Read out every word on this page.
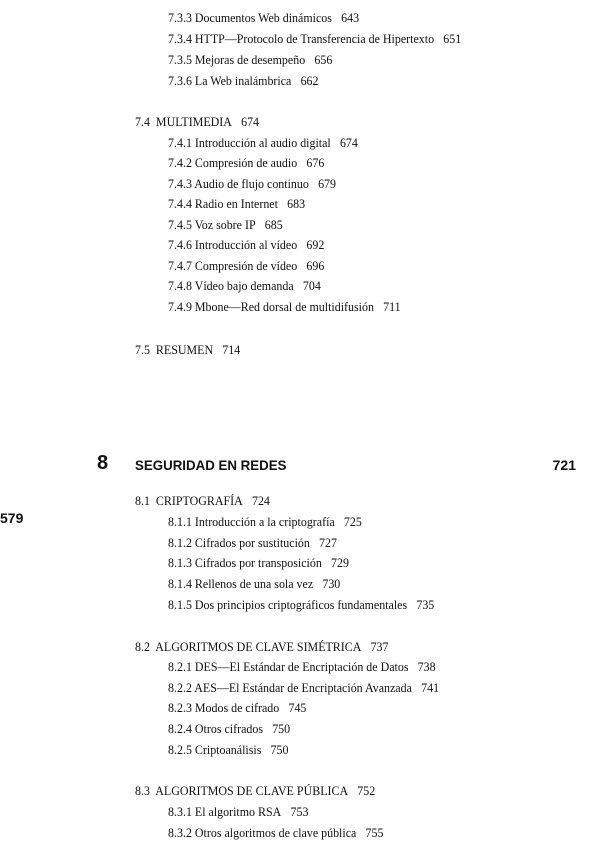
7.3.3 Documentos Web dinámicos 643
7.3.4 HTTP—Protocolo de Transferencia de Hipertexto 651
7.3.5 Mejoras de desempeño 656
7.3.6 La Web inalámbrica 662
7.4 MULTIMEDIA 674
7.4.1 Introducción al audio digital 674
7.4.2 Compresión de audio 676
7.4.3 Audio de flujo continuo 679
7.4.4 Radio en Internet 683
7.4.5 Voz sobre IP 685
7.4.6 Introducción al vídeo 692
7.4.7 Compresión de vídeo 696
7.4.8 Vídeo bajo demanda 704
7.4.9 Mbone—Red dorsal de multidifusión 711
7.5 RESUMEN 714
8 SEGURIDAD EN REDES	721
579
8.1 CRIPTOGRAFÍA 724
8.1.1 Introducción a la criptografía 725
8.1.2 Cifrados por sustitución 727
8.1.3 Cifrados por transposición 729
8.1.4 Rellenos de una sola vez 730
8.1.5 Dos principios criptográficos fundamentales 735
8.2 ALGORITMOS DE CLAVE SIMÉTRICA 737
8.2.1 DES—El Estándar de Encriptación de Datos 738
8.2.2 AES—El Estándar de Encriptación Avanzada 741
8.2.3 Modos de cifrado 745
8.2.4 Otros cifrados 750
8.2.5 Criptoanálisis 750
8.3 ALGORITMOS DE CLAVE PÚBLICA 752
8.3.1 El algoritmo RSA 753
8.3.2 Otros algoritmos de clave pública 755
